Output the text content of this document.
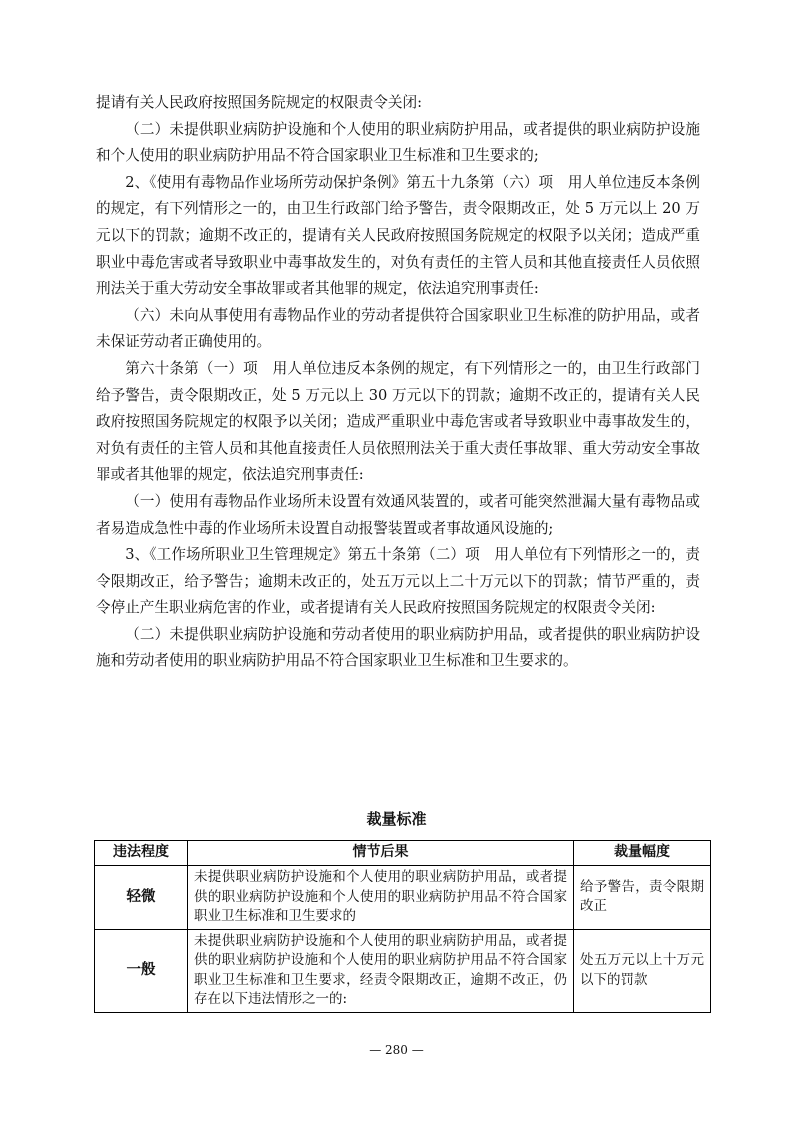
提请有关人民政府按照国务院规定的权限责令关闭:

（二）未提供职业病防护设施和个人使用的职业病防护用品，或者提供的职业病防护设施和个人使用的职业病防护用品不符合国家职业卫生标准和卫生要求的;

2、《使用有毒物品作业场所劳动保护条例》第五十九条第（六）项　用人单位违反本条例的规定，有下列情形之一的，由卫生行政部门给予警告，责令限期改正，处 5 万元以上 20 万元以下的罚款；逾期不改正的，提请有关人民政府按照国务院规定的权限予以关闭；造成严重职业中毒危害或者导致职业中毒事故发生的，对负有责任的主管人员和其他直接责任人员依照刑法关于重大劳动安全事故罪或者其他罪的规定，依法追究刑事责任:

（六）未向从事使用有毒物品作业的劳动者提供符合国家职业卫生标准的防护用品，或者未保证劳动者正确使用的。

第六十条第（一）项　用人单位违反本条例的规定，有下列情形之一的，由卫生行政部门给予警告，责令限期改正，处 5 万元以上 30 万元以下的罚款；逾期不改正的，提请有关人民政府按照国务院规定的权限予以关闭；造成严重职业中毒危害或者导致职业中毒事故发生的，对负有责任的主管人员和其他直接责任人员依照刑法关于重大责任事故罪、重大劳动安全事故罪或者其他罪的规定，依法追究刑事责任:

（一）使用有毒物品作业场所未设置有效通风装置的，或者可能突然泄漏大量有毒物品或者易造成急性中毒的作业场所未设置自动报警装置或者事故通风设施的;

3、《工作场所职业卫生管理规定》第五十条第（二）项　用人单位有下列情形之一的，责令限期改正，给予警告；逾期未改正的，处五万元以上二十万元以下的罚款；情节严重的，责令停止产生职业病危害的作业，或者提请有关人民政府按照国务院规定的权限责令关闭:

（二）未提供职业病防护设施和劳动者使用的职业病防护用品，或者提供的职业病防护设施和劳动者使用的职业病防护用品不符合国家职业卫生标准和卫生要求的。

裁量标准
违法程度	情节后果	裁量幅度
轻微	未提供职业病防护设施和个人使用的职业病防护用品，或者提供的职业病防护设施和个人使用的职业病防护用品不符合国家职业卫生标准和卫生要求的	给予警告，责令限期改正
一般	未提供职业病防护设施和个人使用的职业病防护用品，或者提供的职业病防护设施和个人使用的职业病防护用品不符合国家职业卫生标准和卫生要求，经责令限期改正，逾期不改正，仍存在以下违法情形之一的:	处五万元以上十万元以下的罚款
— 280 —
